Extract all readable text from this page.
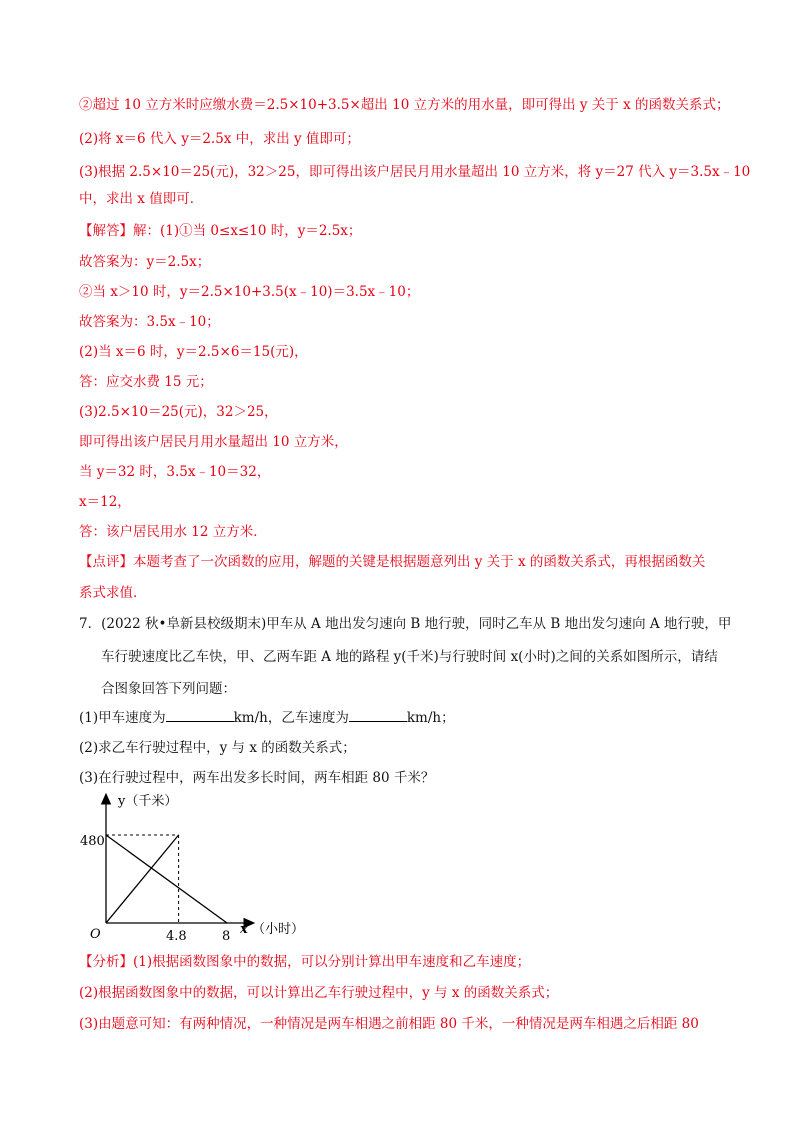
②超过 10 立方米时应缴水费＝2.5×10+3.5×超出 10 立方米的用水量，即可得出 y 关于 x 的函数关系式；
(2)将 x＝6 代入 y＝2.5x 中，求出 y 值即可；
(3)根据 2.5×10＝25(元)，32＞25，即可得出该户居民月用水量超出 10 立方米，将 y＝27 代入 y＝3.5x﹣10
中，求出 x 值即可．
【解答】解：(1)①当 0≤x≤10 时，y＝2.5x；
故答案为：y＝2.5x；
②当 x＞10 时，y＝2.5×10+3.5(x﹣10)＝3.5x﹣10；
故答案为：3.5x﹣10；
(2)当 x＝6 时，y＝2.5×6＝15(元)，
答：应交水费 15 元；
(3)2.5×10＝25(元)，32＞25，
即可得出该户居民月用水量超出 10 立方米，
当 y＝32 时，3.5x﹣10＝32，
x＝12，
答：该户居民用水 12 立方米．
【点评】本题考查了一次函数的应用，解题的关键是根据题意列出 y 关于 x 的函数关系式，再根据函数关
系式求值．
7．(2022 秋•阜新县校级期末)甲车从 A 地出发匀速向 B 地行驶，同时乙车从 B 地出发匀速向 A 地行驶，甲
车行驶速度比乙车快，甲、乙两车距 A 地的路程 y(千米)与行驶时间 x(小时)之间的关系如图所示，请结
合图象回答下列问题：
(1)甲车速度为	km/h，乙车速度为	km/h；
(2)求乙车行驶过程中，y 与 x 的函数关系式；
(3)在行驶过程中，两车出发多长时间，两车相距 80 千米？
y（千米）
480
O	4.8	8 x （小时）
【分析】(1)根据函数图象中的数据，可以分别计算出甲车速度和乙车速度；
(2)根据函数图象中的数据，可以计算出乙车行驶过程中，y 与 x 的函数关系式；
(3)由题意可知：有两种情况，一种情况是两车相遇之前相距 80 千米，一种情况是两车相遇之后相距 80
